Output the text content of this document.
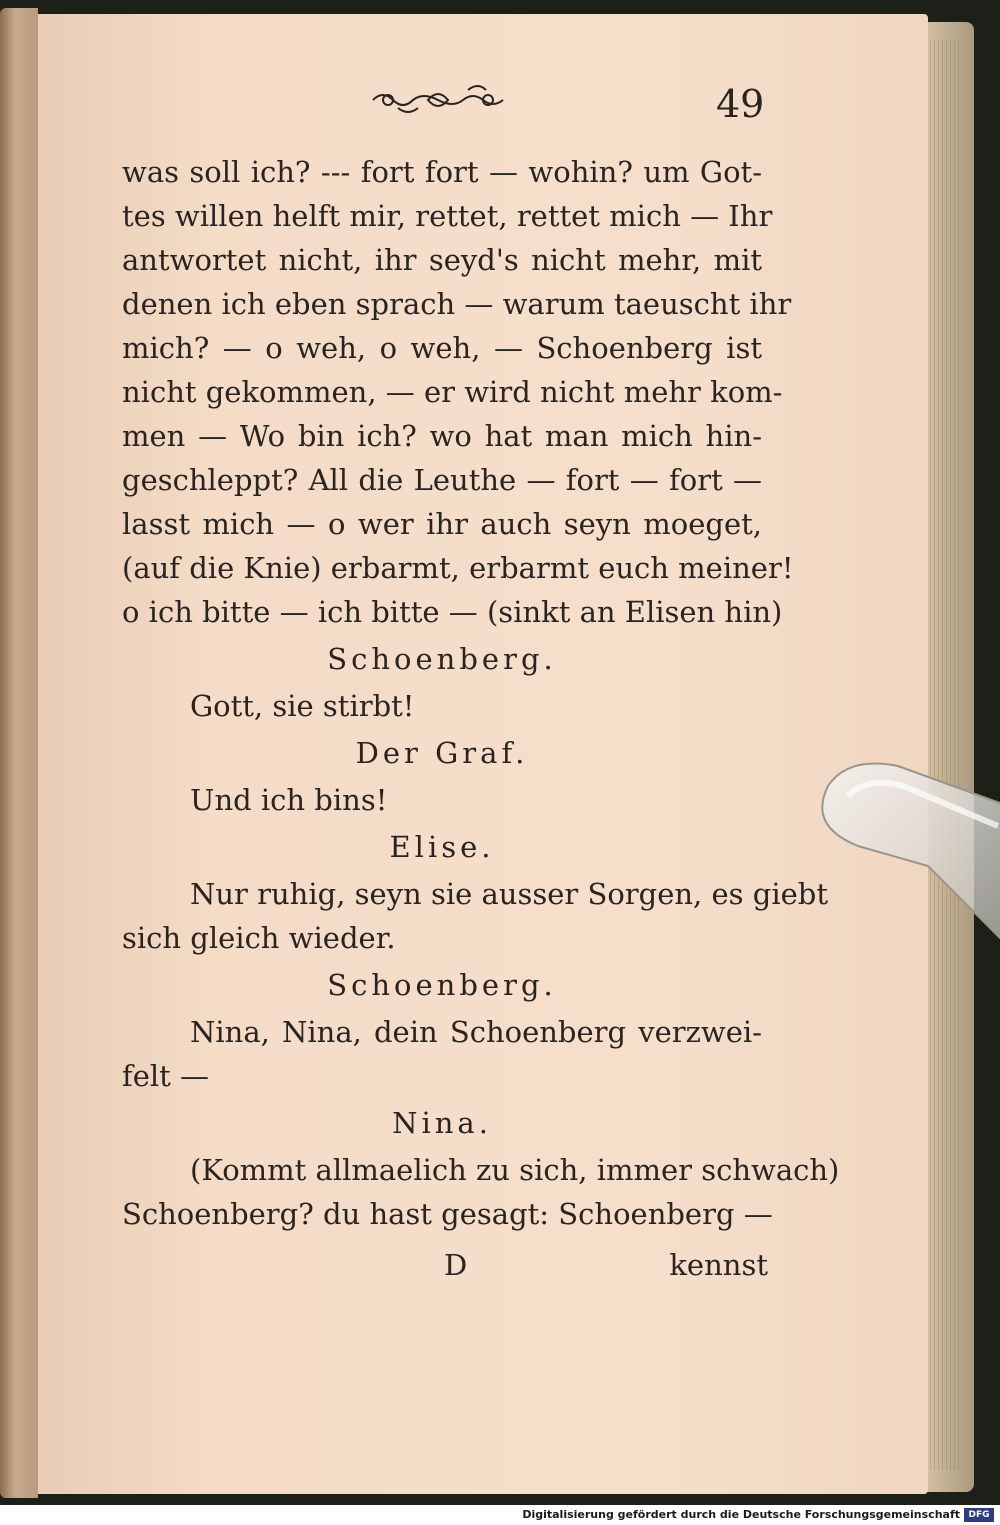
49
was soll ich? --- fort fort — wohin? um Got-
tes willen helft mir, rettet, rettet mich — Ihr
antwortet nicht, ihr seyd's nicht mehr, mit
denen ich eben sprach — warum taeuscht ihr
mich? — o weh, o weh, — Schoenberg ist
nicht gekommen, — er wird nicht mehr kom-
men — Wo bin ich? wo hat man mich hin-
geschleppt? All die Leuthe — fort — fort —
lasst mich — o wer ihr auch seyn moeget,
(auf die Knie) erbarmt, erbarmt euch meiner!
o ich bitte — ich bitte — (sinkt an Elisen hin)
Schoenberg.
Gott, sie stirbt!
Der Graf.
Und ich bins!
Elise.
Nur ruhig, seyn sie ausser Sorgen, es giebt
sich gleich wieder.
Schoenberg.
Nina, Nina, dein Schoenberg verzwei-
felt —
Nina.
(Kommt allmaelich zu sich, immer schwach)
Schoenberg? du hast gesagt: Schoenberg —
D	kennst
Digitalisierung gefördert durch die Deutsche Forschungsgemeinschaft DFG
